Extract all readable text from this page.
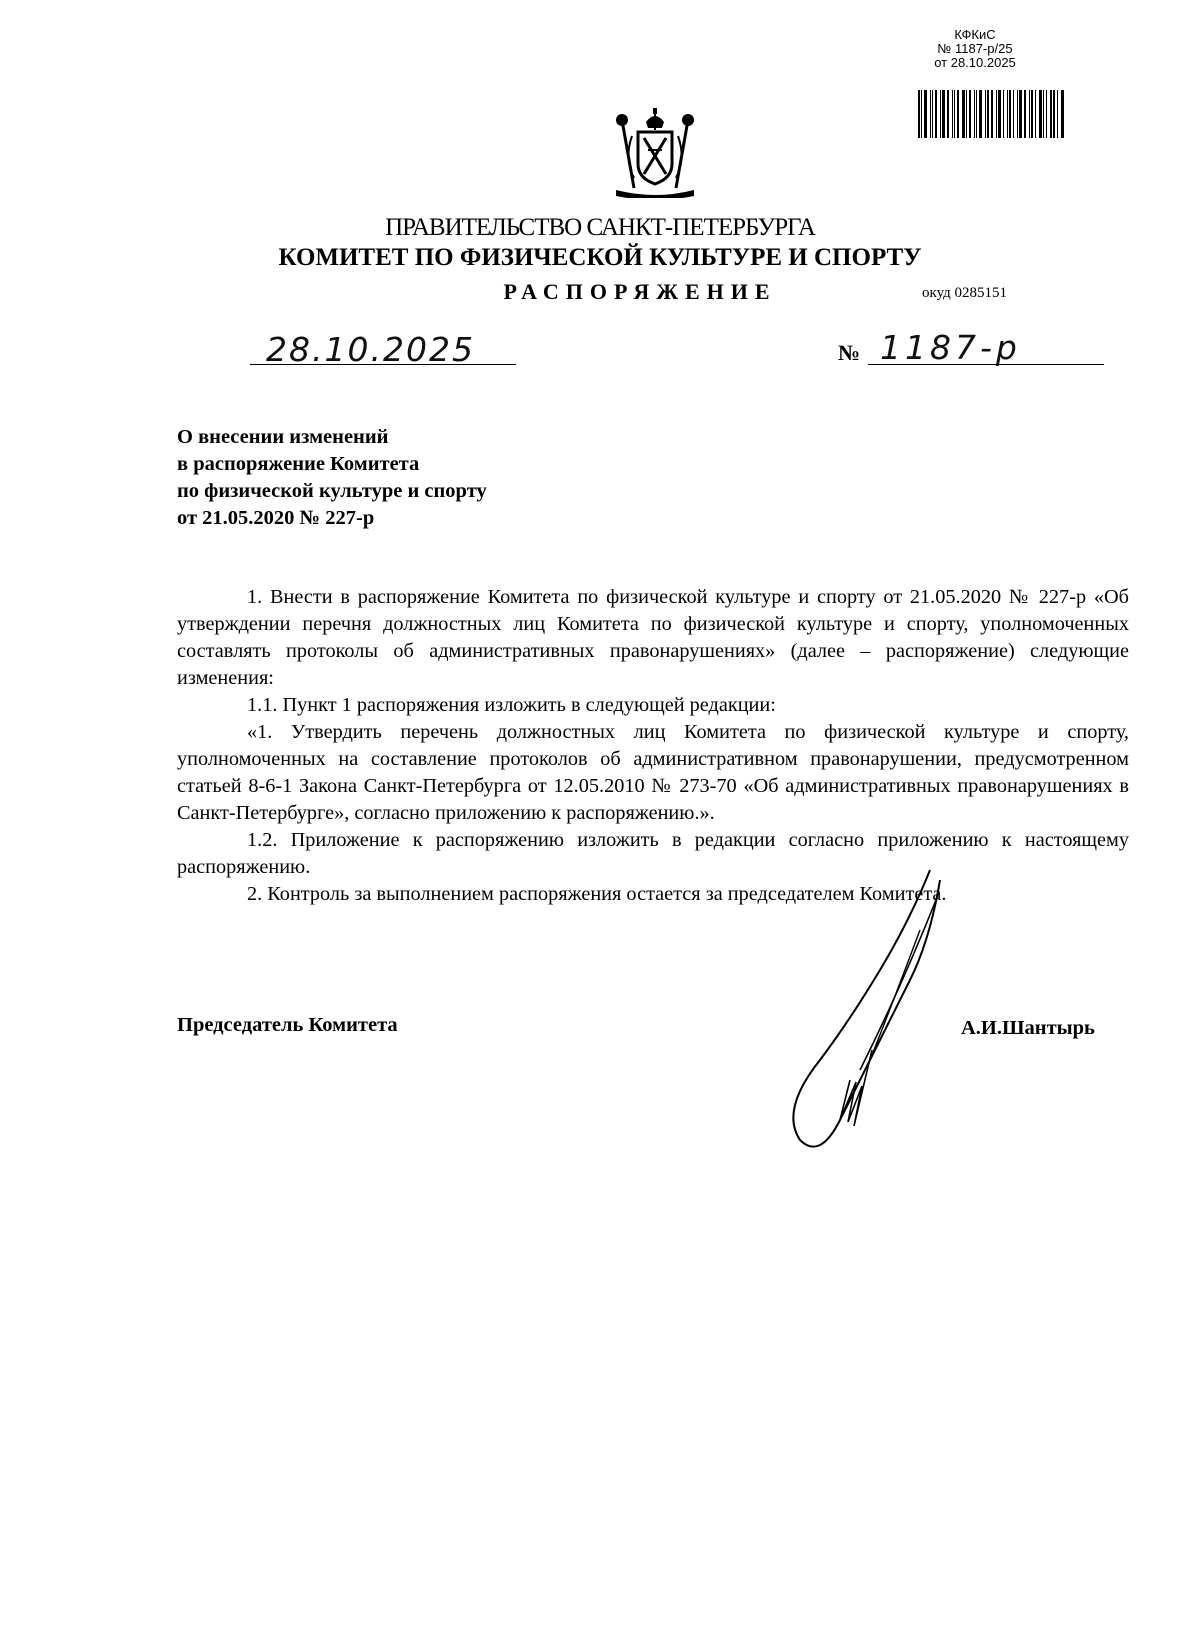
КФКиС
№ 1187-р/25
от 28.10.2025
ПРАВИТЕЛЬСТВО САНКТ-ПЕТЕРБУРГА
КОМИТЕТ ПО ФИЗИЧЕСКОЙ КУЛЬТУРЕ И СПОРТУ
РАСПОРЯЖЕНИЕ	окуд 0285151
28.10.2025	№ 1187-р
О внесении изменений
в распоряжение Комитета
по физической культуре и спорту
от 21.05.2020 № 227-р

1. Внести в распоряжение Комитета по физической культуре и спорту от 21.05.2020 № 227-р «Об утверждении перечня должностных лиц Комитета по физической культуре и спорту, уполномоченных составлять протоколы об административных правонарушениях» (далее – распоряжение) следующие изменения:

1.1. Пункт 1 распоряжения изложить в следующей редакции:

«1. Утвердить перечень должностных лиц Комитета по физической культуре и спорту, уполномоченных на составление протоколов об административном правонарушении, предусмотренном статьей 8-6-1 Закона Санкт-Петербурга от 12.05.2010 № 273-70 «Об административных правонарушениях в Санкт-Петербурге», согласно приложению к распоряжению.».

1.2. Приложение к распоряжению изложить в редакции согласно приложению к настоящему распоряжению.

2. Контроль за выполнением распоряжения остается за председателем Комитета.

Председатель Комитета	А.И.Шантырь
